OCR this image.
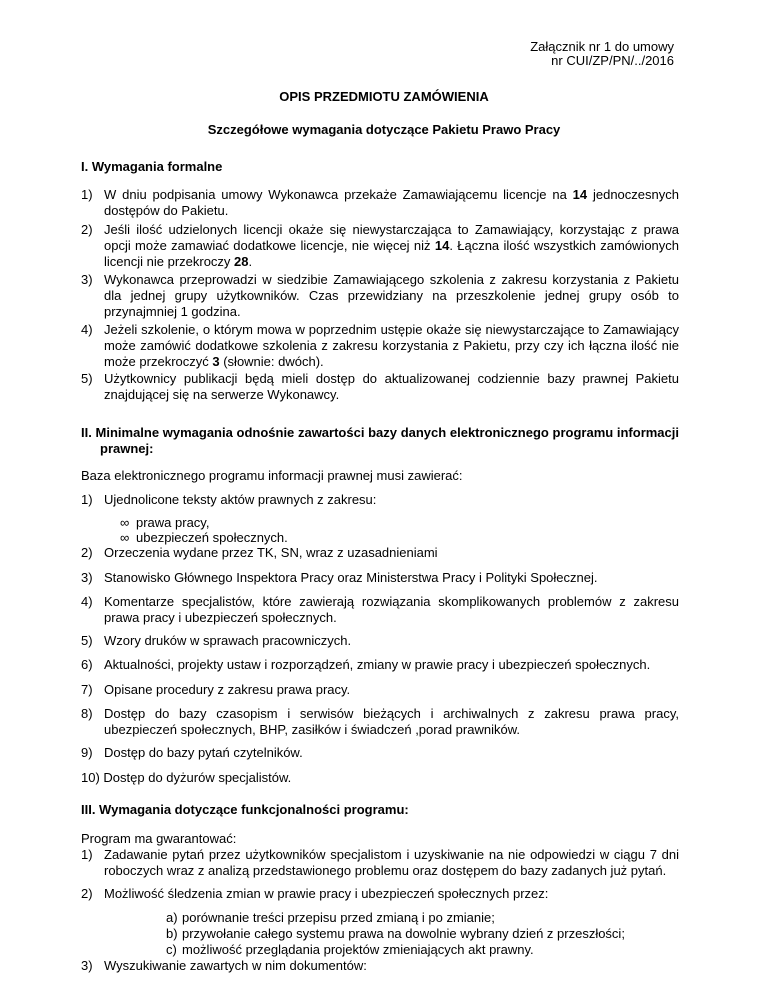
Załącznik nr 1 do umowy
nr CUI/ZP/PN/../2016
OPIS PRZEDMIOTU ZAMÓWIENIA
Szczegółowe wymagania dotyczące Pakietu Prawo Pracy
I. Wymagania formalne
1) W dniu podpisania umowy Wykonawca przekaże Zamawiającemu licencje na 14 jednoczesnych dostępów do Pakietu.
2) Jeśli ilość udzielonych licencji okaże się niewystarczająca to Zamawiający, korzystając z prawa opcji może zamawiać dodatkowe licencje, nie więcej niż 14. Łączna ilość wszystkich zamówionych licencji nie przekroczy 28.
3) Wykonawca przeprowadzi w siedzibie Zamawiającego szkolenia z zakresu korzystania z Pakietu dla jednej grupy użytkowników. Czas przewidziany na przeszkolenie jednej grupy osób to przynajmniej 1 godzina.
4) Jeżeli szkolenie, o którym mowa w poprzednim ustępie okaże się niewystarczające to Zamawiający może zamówić dodatkowe szkolenia z zakresu korzystania z Pakietu, przy czy ich łączna ilość nie może przekroczyć 3 (słownie: dwóch).
5) Użytkownicy publikacji będą mieli dostęp do aktualizowanej codziennie bazy prawnej Pakietu znajdującej się na serwerze Wykonawcy.
II. Minimalne wymagania odnośnie zawartości bazy danych elektronicznego programu informacji prawnej:
Baza elektronicznego programu informacji prawnej musi zawierać:
1) Ujednolicone teksty aktów prawnych z zakresu:
∞ prawa pracy,
∞ ubezpieczeń społecznych.
2) Orzeczenia wydane przez TK, SN, wraz z uzasadnieniami
3) Stanowisko Głównego Inspektora Pracy oraz Ministerstwa Pracy i Polityki Społecznej.
4) Komentarze specjalistów, które zawierają rozwiązania skomplikowanych problemów z zakresu prawa pracy i ubezpieczeń społecznych.
5) Wzory druków w sprawach pracowniczych.
6) Aktualności, projekty ustaw i rozporządzeń, zmiany w prawie pracy i ubezpieczeń społecznych.
7) Opisane procedury z zakresu prawa pracy.
8) Dostęp do bazy czasopism i serwisów bieżących i archiwalnych z zakresu prawa pracy, ubezpieczeń społecznych, BHP, zasiłków i świadczeń ,porad prawników.
9) Dostęp do bazy pytań czytelników.
10) Dostęp do dyżurów specjalistów.
III. Wymagania dotyczące funkcjonalności programu:
Program ma gwarantować:
1) Zadawanie pytań przez użytkowników specjalistom i uzyskiwanie na nie odpowiedzi w ciągu 7 dni roboczych wraz z analizą przedstawionego problemu oraz dostępem do bazy zadanych już pytań.
2) Możliwość śledzenia zmian w prawie pracy i ubezpieczeń społecznych przez:
a) porównanie treści przepisu przed zmianą i po zmianie;
b) przywołanie całego systemu prawa na dowolnie wybrany dzień z przeszłości;
c) możliwość przeglądania projektów zmieniających akt prawny.
3) Wyszukiwanie zawartych w nim dokumentów:
